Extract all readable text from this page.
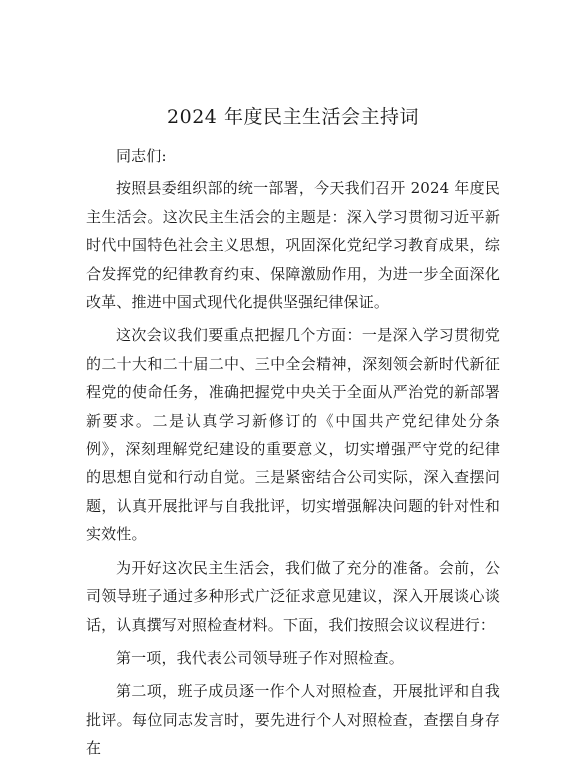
2024 年度民主生活会主持词

同志们:

按照县委组织部的统一部署，今天我们召开 2024 年度民主生活会。这次民主生活会的主题是：深入学习贯彻习近平新时代中国特色社会主义思想，巩固深化党纪学习教育成果，综合发挥党的纪律教育约束、保障激励作用，为进一步全面深化改革、推进中国式现代化提供坚强纪律保证。

这次会议我们要重点把握几个方面：一是深入学习贯彻党的二十大和二十届二中、三中全会精神，深刻领会新时代新征程党的使命任务，准确把握党中央关于全面从严治党的新部署新要求。二是认真学习新修订的《中国共产党纪律处分条例》，深刻理解党纪建设的重要意义，切实增强严守党的纪律的思想自觉和行动自觉。三是紧密结合公司实际，深入查摆问题，认真开展批评与自我批评，切实增强解决问题的针对性和实效性。

为开好这次民主生活会，我们做了充分的准备。会前，公司领导班子通过多种形式广泛征求意见建议，深入开展谈心谈话，认真撰写对照检查材料。下面，我们按照会议议程进行：

第一项，我代表公司领导班子作对照检查。

第二项，班子成员逐一作个人对照检查，开展批评和自我批评。每位同志发言时，要先进行个人对照检查，查摆自身存在
